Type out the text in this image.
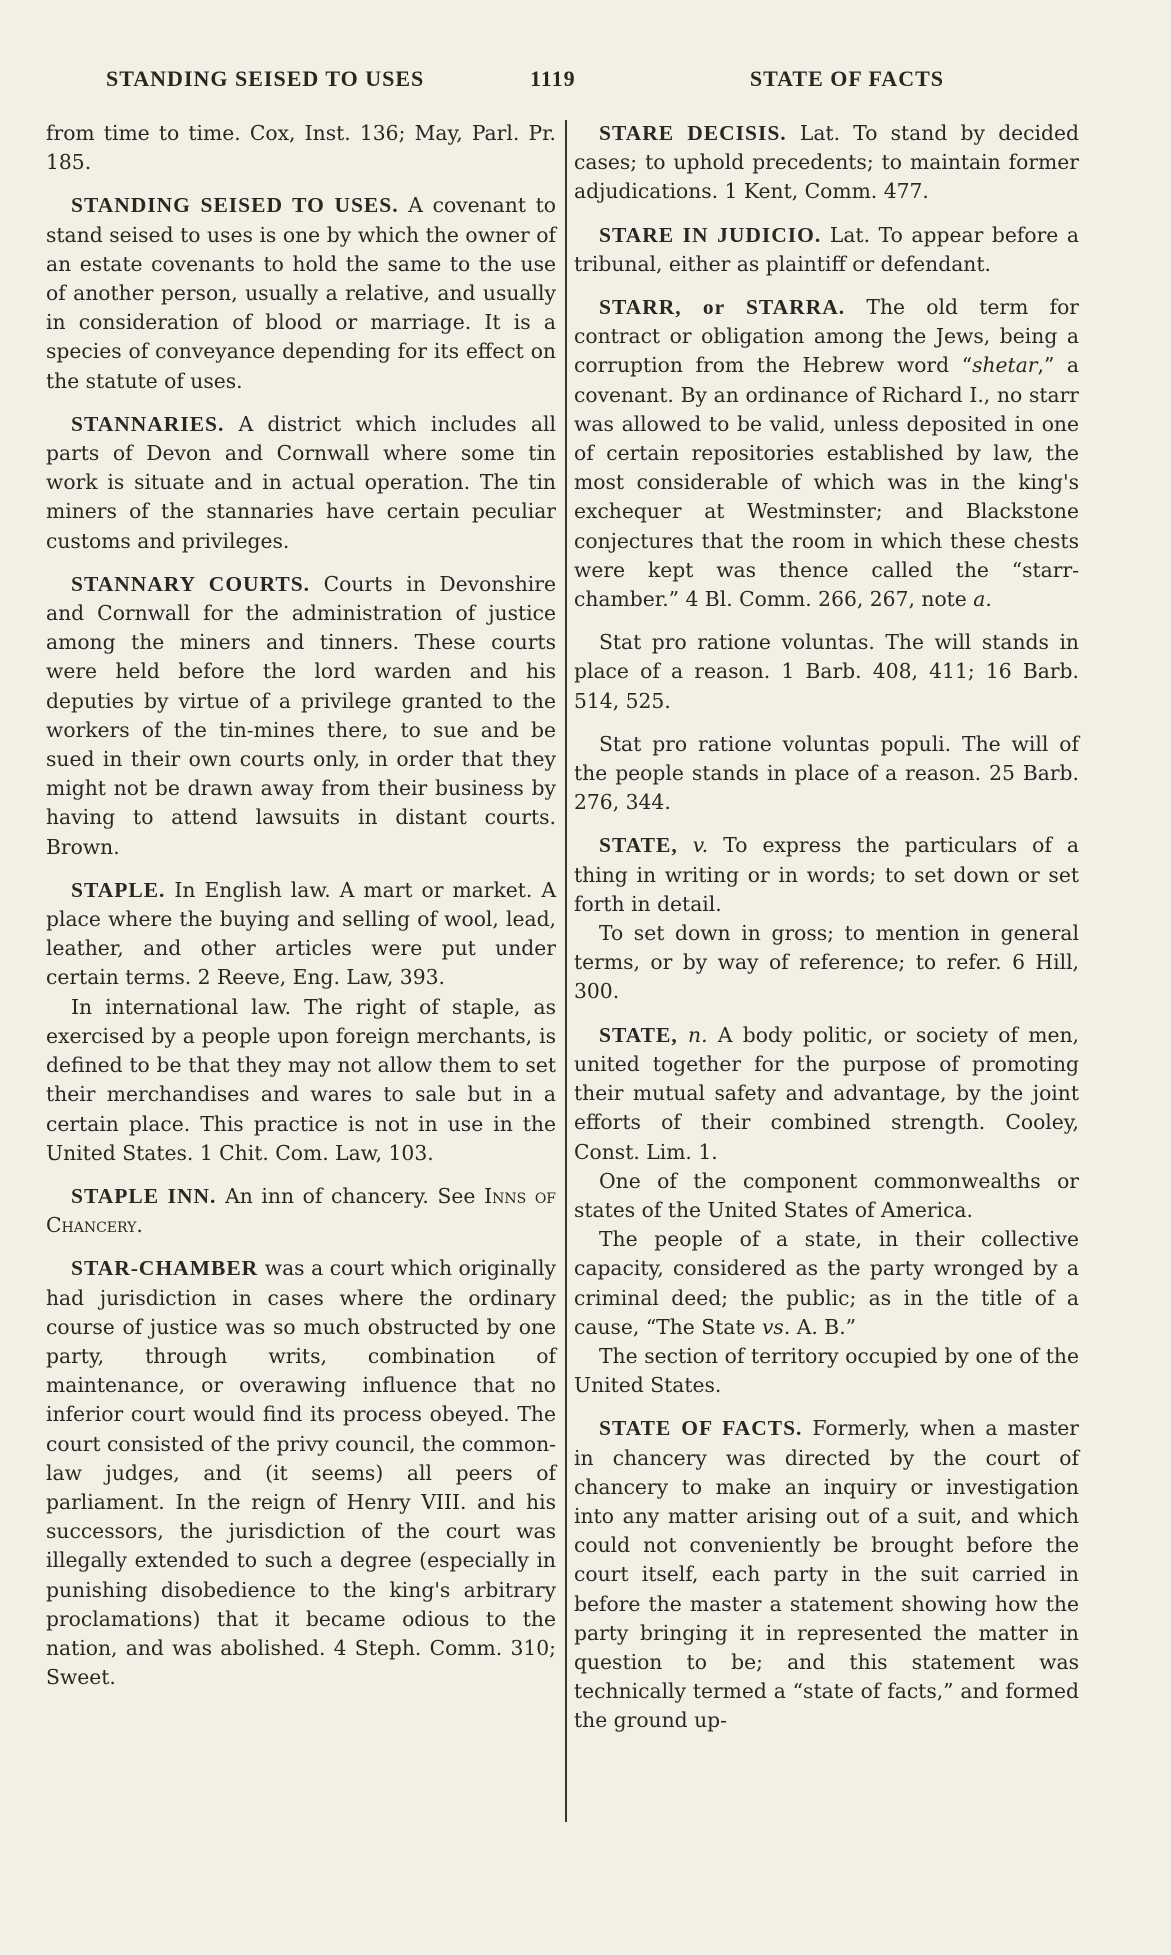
STANDING SEISED TO USES	1119	STATE OF FACTS

from time to time. Cox, Inst. 136; May, Parl. Pr. 185.

STANDING SEISED TO USES. A covenant to stand seised to uses is one by which the owner of an estate covenants to hold the same to the use of another person, usually a relative, and usually in consideration of blood or marriage. It is a species of conveyance depending for its effect on the statute of uses.

STANNARIES. A district which includes all parts of Devon and Cornwall where some tin work is situate and in actual operation. The tin miners of the stannaries have certain peculiar customs and privileges.

STANNARY COURTS. Courts in Devonshire and Cornwall for the administration of justice among the miners and tinners. These courts were held before the lord warden and his deputies by virtue of a privilege granted to the workers of the tin-mines there, to sue and be sued in their own courts only, in order that they might not be drawn away from their business by having to attend lawsuits in distant courts. Brown.

STAPLE. In English law. A mart or market. A place where the buying and selling of wool, lead, leather, and other articles were put under certain terms. 2 Reeve, Eng. Law, 393.

In international law. The right of staple, as exercised by a people upon foreign merchants, is defined to be that they may not allow them to set their merchandises and wares to sale but in a certain place. This practice is not in use in the United States. 1 Chit. Com. Law, 103.

STAPLE INN. An inn of chancery. See Inns of Chancery.

STAR-CHAMBER was a court which originally had jurisdiction in cases where the ordinary course of justice was so much obstructed by one party, through writs, combination of maintenance, or overawing influence that no inferior court would find its process obeyed. The court consisted of the privy council, the common-law judges, and (it seems) all peers of parliament. In the reign of Henry VIII. and his successors, the jurisdiction of the court was illegally extended to such a degree (especially in punishing disobedience to the king's arbitrary proclamations) that it became odious to the nation, and was abolished. 4 Steph. Comm. 310; Sweet.

STARE DECISIS. Lat. To stand by decided cases; to uphold precedents; to maintain former adjudications. 1 Kent, Comm. 477.

STARE IN JUDICIO. Lat. To appear before a tribunal, either as plaintiff or defendant.

STARR, or STARRA. The old term for contract or obligation among the Jews, being a corruption from the Hebrew word “shetar,” a covenant. By an ordinance of Richard I., no starr was allowed to be valid, unless deposited in one of certain repositories established by law, the most considerable of which was in the king's exchequer at Westminster; and Blackstone conjectures that the room in which these chests were kept was thence called the “starr-chamber.” 4 Bl. Comm. 266, 267, note a.

Stat pro ratione voluntas. The will stands in place of a reason. 1 Barb. 408, 411; 16 Barb. 514, 525.

Stat pro ratione voluntas populi. The will of the people stands in place of a reason. 25 Barb. 276, 344.

STATE, v. To express the particulars of a thing in writing or in words; to set down or set forth in detail.

To set down in gross; to mention in general terms, or by way of reference; to refer. 6 Hill, 300.

STATE, n. A body politic, or society of men, united together for the purpose of promoting their mutual safety and advantage, by the joint efforts of their combined strength. Cooley, Const. Lim. 1.

One of the component commonwealths or states of the United States of America.

The people of a state, in their collective capacity, considered as the party wronged by a criminal deed; the public; as in the title of a cause, “The State vs. A. B.”

The section of territory occupied by one of the United States.

STATE OF FACTS. Formerly, when a master in chancery was directed by the court of chancery to make an inquiry or investigation into any matter arising out of a suit, and which could not conveniently be brought before the court itself, each party in the suit carried in before the master a statement showing how the party bringing it in represented the matter in question to be; and this statement was technically termed a “state of facts,” and formed the ground up-
